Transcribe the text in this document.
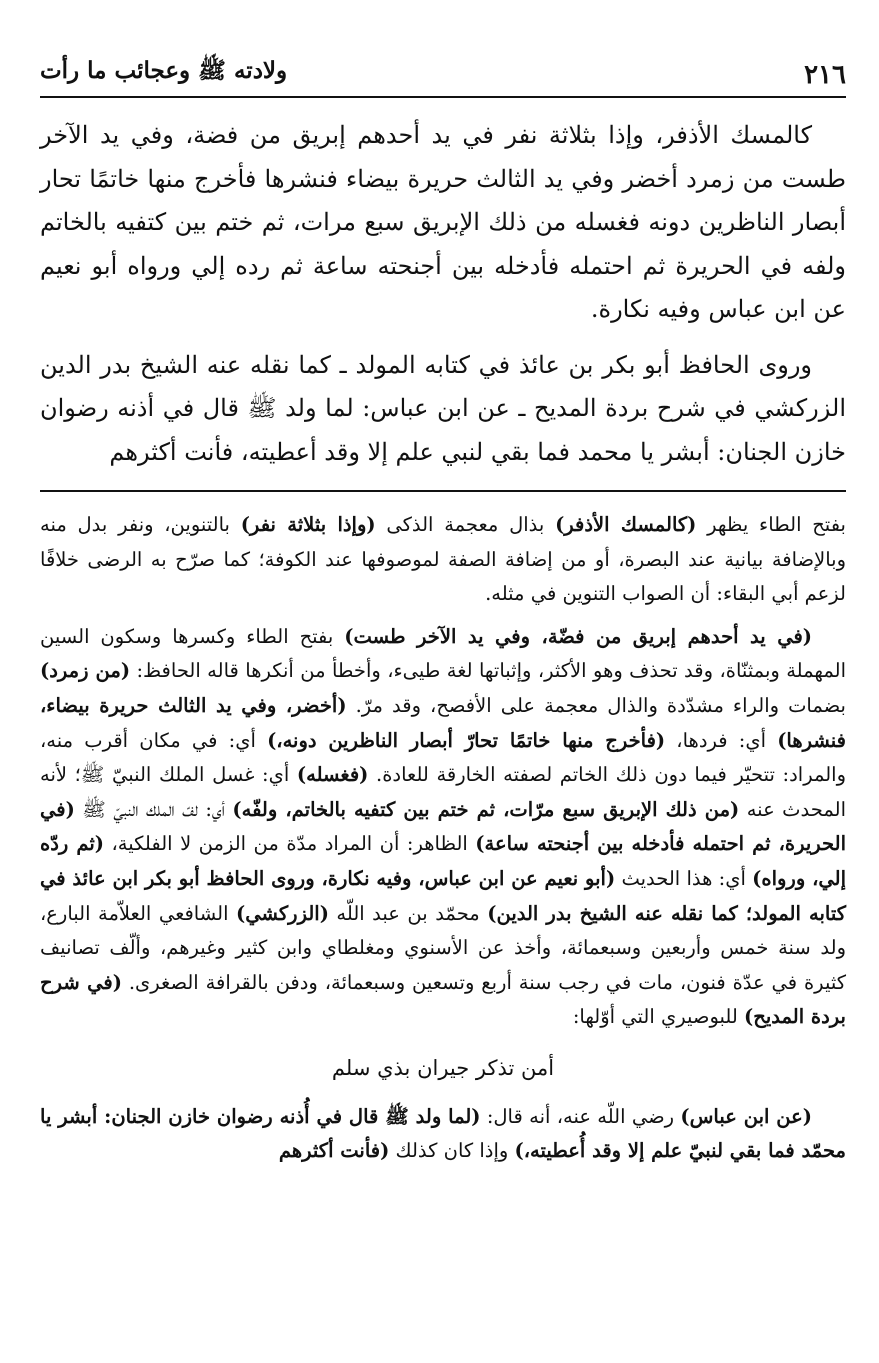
٢١٦
ولادته ﷺ وعجائب ما رأت

كالمسك الأذفر، وإذا بثلاثة نفر في يد أحدهم إبريق من فضة، وفي يد الآخر طست من زمرد أخضر وفي يد الثالث حريرة بيضاء فنشرها فأخرج منها خاتمًا تحار أبصار الناظرين دونه فغسله من ذلك الإبريق سبع مرات، ثم ختم بين كتفيه بالخاتم ولفه في الحريرة ثم احتمله فأدخله بين أجنحته ساعة ثم رده إلي ورواه أبو نعيم عن ابن عباس وفيه نكارة.

وروى الحافظ أبو بكر بن عائذ في كتابه المولد ـ كما نقله عنه الشيخ بدر الدين الزركشي في شرح بردة المديح ـ عن ابن عباس: لما ولد ﷺ قال في أذنه رضوان خازن الجنان: أبشر يا محمد فما بقي لنبي علم إلا وقد أعطيته، فأنت أكثرهم

بفتح الطاء يظهر (كالمسك الأذفر) بذال معجمة الذكى (وإذا بثلاثة نفر) بالتنوين، ونفر بدل منه وبالإضافة بيانية عند البصرة، أو من إضافة الصفة لموصوفها عند الكوفة؛ كما صرّح به الرضى خلافًا لزعم أبي البقاء: أن الصواب التنوين في مثله.

(في يد أحدهم إبريق من فضّة، وفي يد الآخر طست) بفتح الطاء وكسرها وسكون السين المهملة وبمثنّاة، وقد تحذف وهو الأكثر، وإثباتها لغة طيىء، وأخطأ من أنكرها قاله الحافظ: (من زمرد) بضمات والراء مشدّدة والذال معجمة على الأفصح، وقد مرّ. (أخضر، وفي يد الثالث حريرة بيضاء، فنشرها) أي: فردها، (فأخرج منها خاتمًا تحارّ أبصار الناظرين دونه،) أي: في مكان أقرب منه، والمراد: تتحيّر فيما دون ذلك الخاتم لصفته الخارقة للعادة. (فغسله) أي: غسل الملك النبيّ ﷺ؛ لأنه المحدث عنه (من ذلك الإبريق سبع مرّات، ثم ختم بين كتفيه بالخاتم، ولفّه) أي: لفّ الملك النبيّ ﷺ (في الحريرة، ثم احتمله فأدخله بين أجنحته ساعة) الظاهر: أن المراد مدّة من الزمن لا الفلكية، (ثم ردّه إلي، ورواه) أي: هذا الحديث (أبو نعيم عن ابن عباس، وفيه نكارة، وروى الحافظ أبو بكر ابن عائذ في كتابه المولد؛ كما نقله عنه الشيخ بدر الدين) محمّد بن عبد اللّه (الزركشي) الشافعي العلاّمة البارع، ولد سنة خمس وأربعين وسبعمائة، وأخذ عن الأسنوي ومغلطاي وابن كثير وغيرهم، وألّف تصانيف كثيرة في عدّة فنون، مات في رجب سنة أربع وتسعين وسبعمائة، ودفن بالقرافة الصغرى. (في شرح بردة المديح) للبوصيري التي أوّلها:

أمن تذكر جيران بذي سلم

(عن ابن عباس) رضي اللّه عنه، أنه قال: (لما ولد ﷺ قال في أُذنه رضوان خازن الجنان: أبشر يا محمّد فما بقي لنبيّ علم إلا وقد أُعطيته،) وإذا كان كذلك (فأنت أكثرهم
